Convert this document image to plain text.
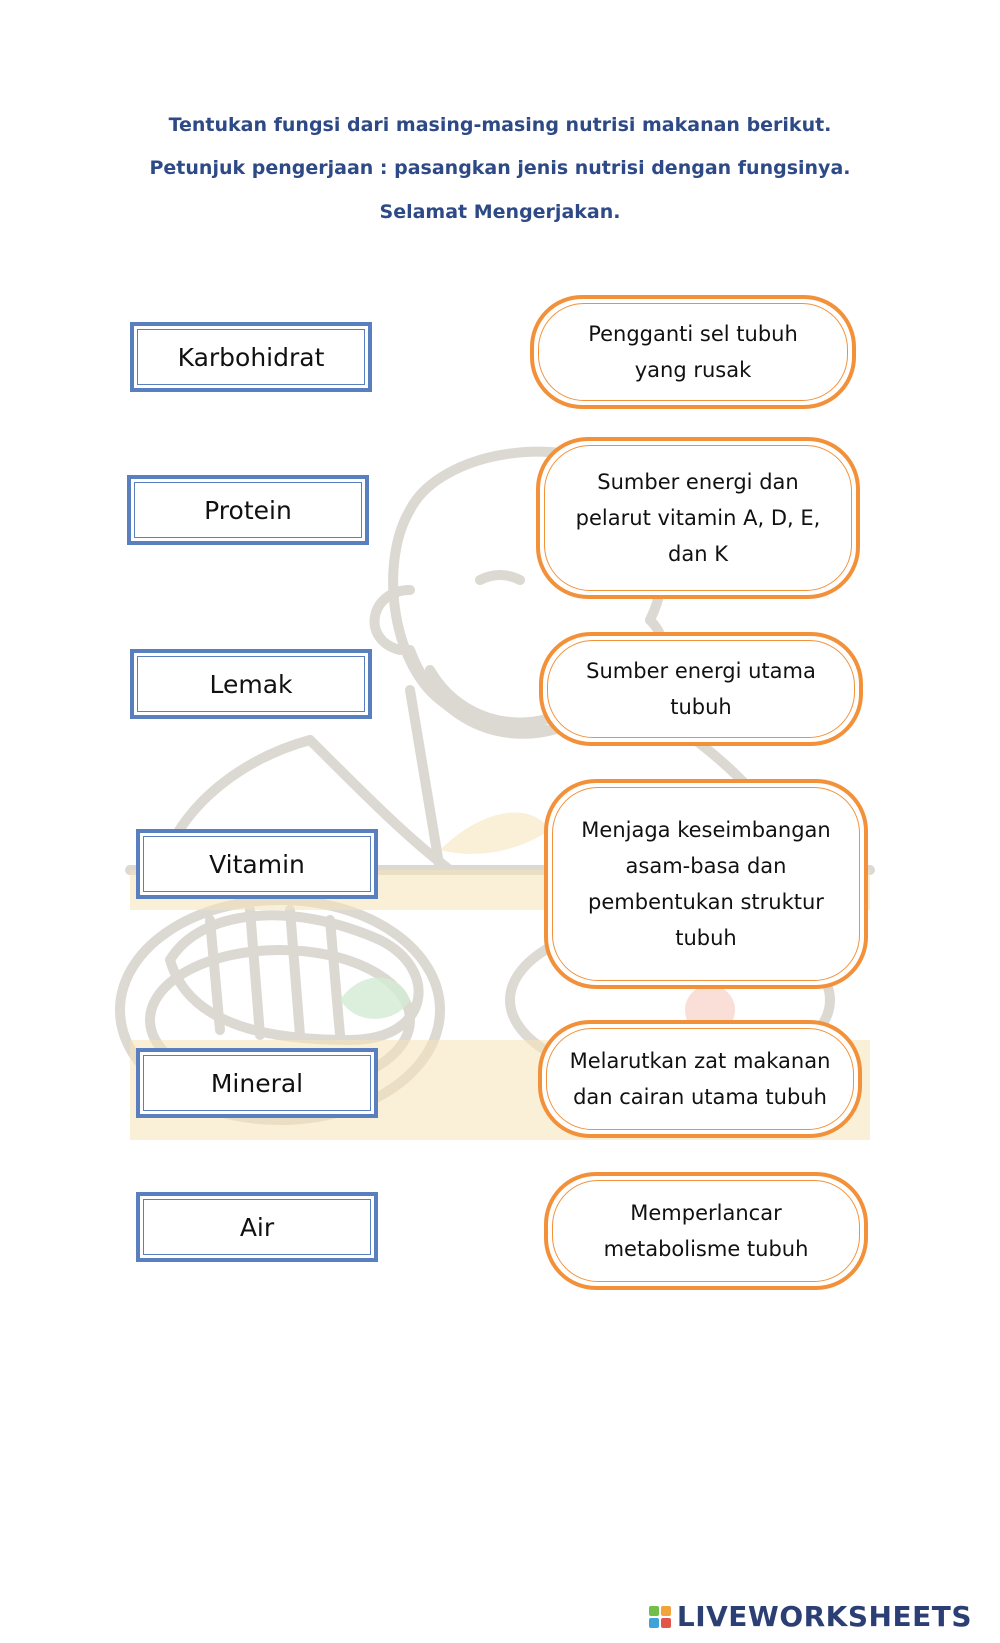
Tentukan fungsi dari masing-masing nutrisi makanan berikut.
Petunjuk pengerjaan : pasangkan jenis nutrisi dengan fungsinya.
Selamat Mengerjakan.
Karbohidrat
Protein
Lemak
Vitamin
Mineral
Air
Pengganti sel tubuh yang rusak
Sumber energi dan pelarut vitamin A, D, E, dan K
Sumber energi utama tubuh
Menjaga keseimbangan asam-basa dan pembentukan struktur tubuh
Melarutkan zat makanan dan cairan utama tubuh
Memperlancar metabolisme tubuh
LIVEWORKSHEETS
